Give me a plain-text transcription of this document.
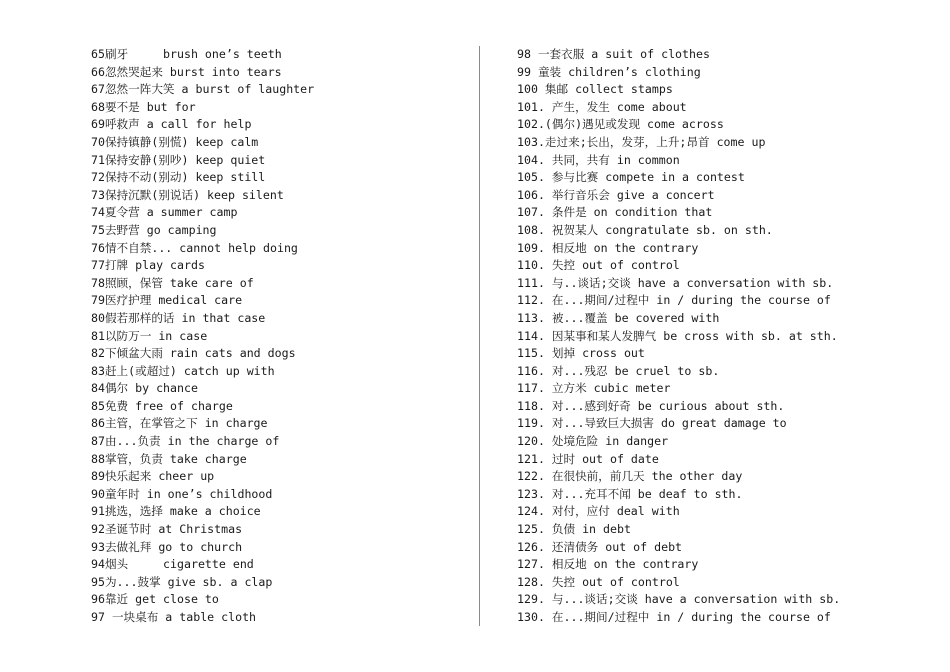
65刷牙     brush one’s teeth
66忽然哭起来 burst into tears
67忽然一阵大笑 a burst of laughter
68要不是 but for
69呼救声 a call for help
70保持镇静(别慌) keep calm
71保持安静(别吵) keep quiet
72保持不动(别动) keep still
73保持沉默(别说话) keep silent
74夏令营 a summer camp
75去野营 go camping
76情不自禁... cannot help doing
77打牌 play cards
78照顾，保管 take care of
79医疗护理 medical care
80假若那样的话 in that case
81以防万一 in case
82下倾盆大雨 rain cats and dogs
83赶上(或超过) catch up with
84偶尔 by chance
85免费 free of charge
86主管，在掌管之下 in charge
87由...负责 in the charge of
88掌管，负责 take charge
89快乐起来 cheer up
90童年时 in one’s childhood
91挑选，选择 make a choice
92圣诞节时 at Christmas
93去做礼拜 go to church
94烟头     cigarette end
95为...鼓掌 give sb. a clap
96靠近 get close to
97 一块桌布 a table cloth
98 一套衣服 a suit of clothes
99 童装 children’s clothing
100 集邮 collect stamps
101. 产生，发生 come about
102.(偶尔)遇见或发现 come across
103.走过来;长出，发芽，上升;昂首 come up
104. 共同，共有 in common
105. 参与比赛 compete in a contest
106. 举行音乐会 give a concert
107. 条件是 on condition that
108. 祝贺某人 congratulate sb. on sth.
109. 相反地 on the contrary
110. 失控 out of control
111. 与..谈话;交谈 have a conversation with sb.
112. 在...期间/过程中 in / during the course of
113. 被...覆盖 be covered with
114. 因某事和某人发脾气 be cross with sb. at sth.
115. 划掉 cross out
116. 对...残忍 be cruel to sb.
117. 立方米 cubic meter
118. 对...感到好奇 be curious about sth.
119. 对...导致巨大损害 do great damage to
120. 处境危险 in danger
121. 过时 out of date
122. 在很快前，前几天 the other day
123. 对...充耳不闻 be deaf to sth.
124. 对付，应付 deal with
125. 负债 in debt
126. 还清债务 out of debt
127. 相反地 on the contrary
128. 失控 out of control
129. 与...谈话;交谈 have a conversation with sb.
130. 在...期间/过程中 in / during the course of
